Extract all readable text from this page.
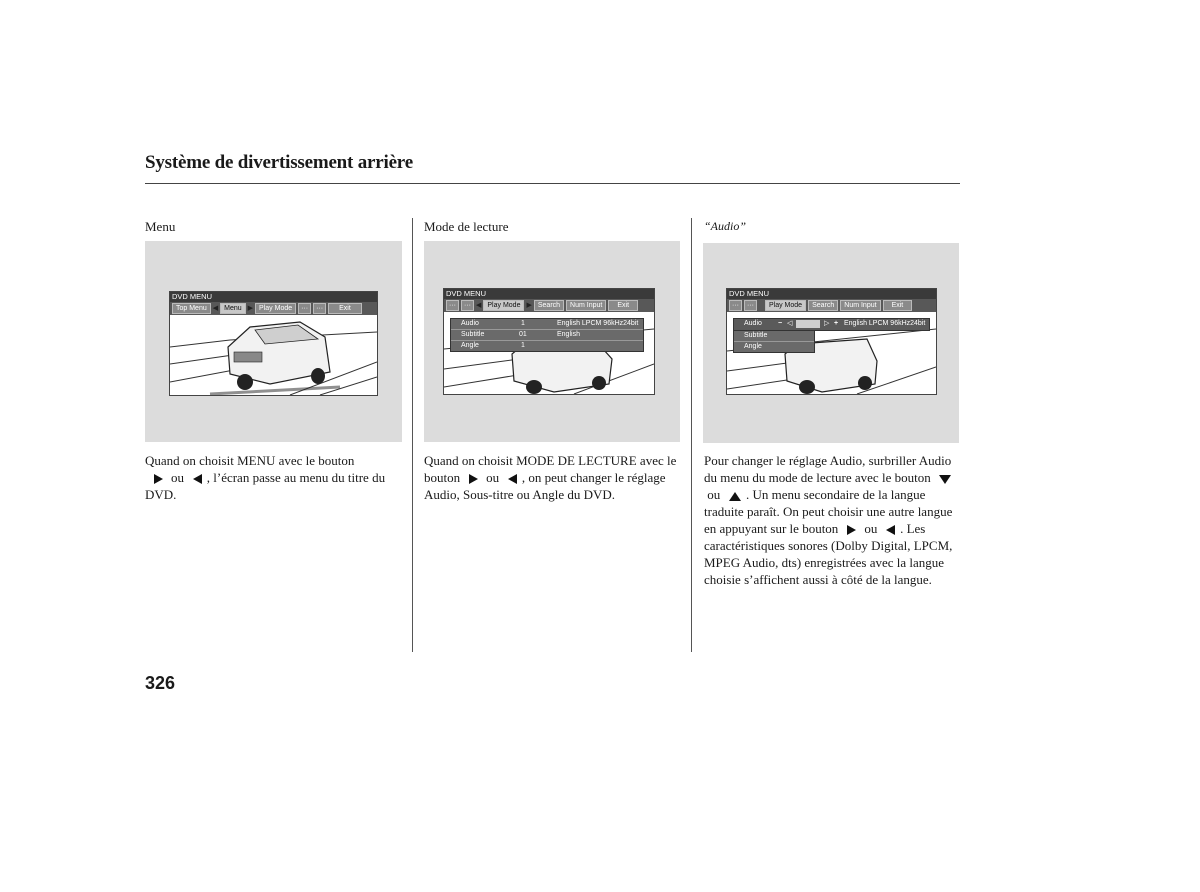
Système de divertissement arrière
Menu
DVD MENU
Top Menu ◀ Menu ▶ Play Mode	···	···	Exit
Quand on choisit MENU avec le bouton
ou , l’écran passe au menu du titre du DVD.
Mode de lecture
DVD MENU
···	··· ◀ Play Mode ▶ Search	Num Input	Exit
Audio	1	English LPCM 96kHz24bit
Subtitle	01	English
Angle	1
Quand on choisit MODE DE LECTURE avec le bouton ou , on peut changer le réglage Audio, Sous-titre ou Angle du DVD.
“Audio”
DVD MENU
···	···	Play Mode	Search	Num Input	Exit
Audio − ◁	▷ + English LPCM 96kHz24bit
Subtitle
Angle
Pour changer le réglage Audio, surbriller Audio du menu du mode de lecture avec le bouton    ou . Un menu secondaire de la langue traduite paraît. On peut choisir une autre langue en appuyant sur le bouton ou . Les caractéristiques sonores (Dolby Digital, LPCM, MPEG Audio, dts) enregistrées avec la langue choisie s’affichent aussi à côté de la langue.
326
